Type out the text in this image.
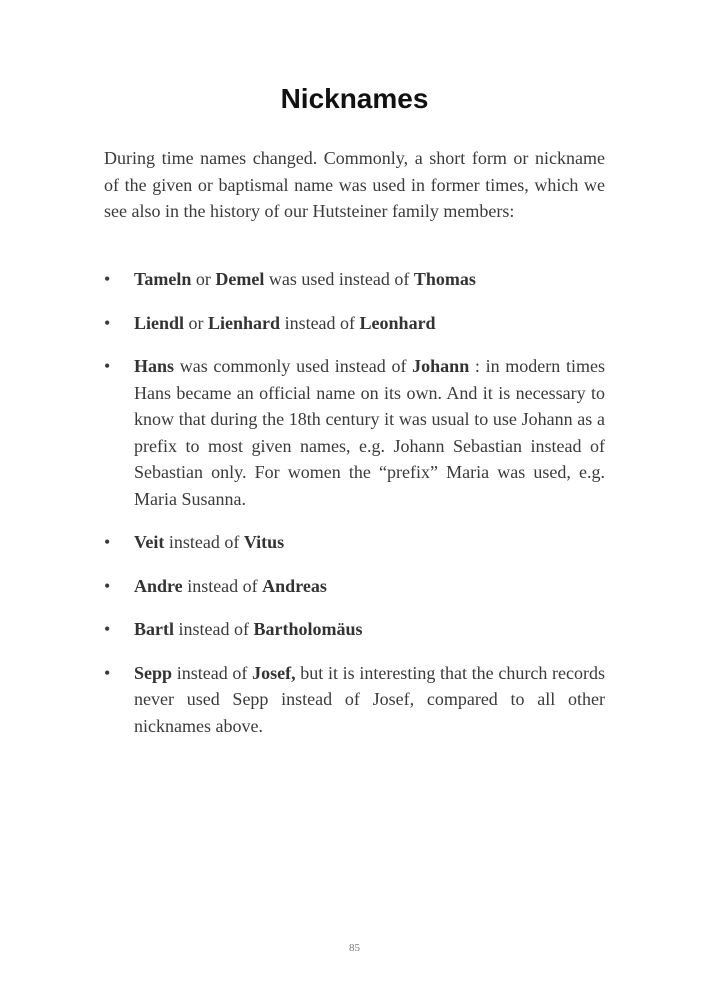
Nicknames

During time names changed. Commonly, a short form or nickname of the given or baptismal name was used in former times, which we see also in the history of our Hutsteiner family members:

•	Tameln or Demel was used instead of Thomas
•	Liendl or Lienhard instead of Leonhard
•	Hans was commonly used instead of Johann : in modern times Hans became an official name on its own. And it is necessary to know that during the 18th century it was usual to use Johann as a prefix to most given names, e.g. Johann Sebastian instead of Sebastian only. For women the “prefix” Maria was used, e.g. Maria Susanna.
•	Veit instead of Vitus
•	Andre instead of Andreas
•	Bartl instead of Bartholomäus
•	Sepp instead of Josef, but it is interesting that the church records never used Sepp instead of Josef, compared to all other nicknames above.
85
